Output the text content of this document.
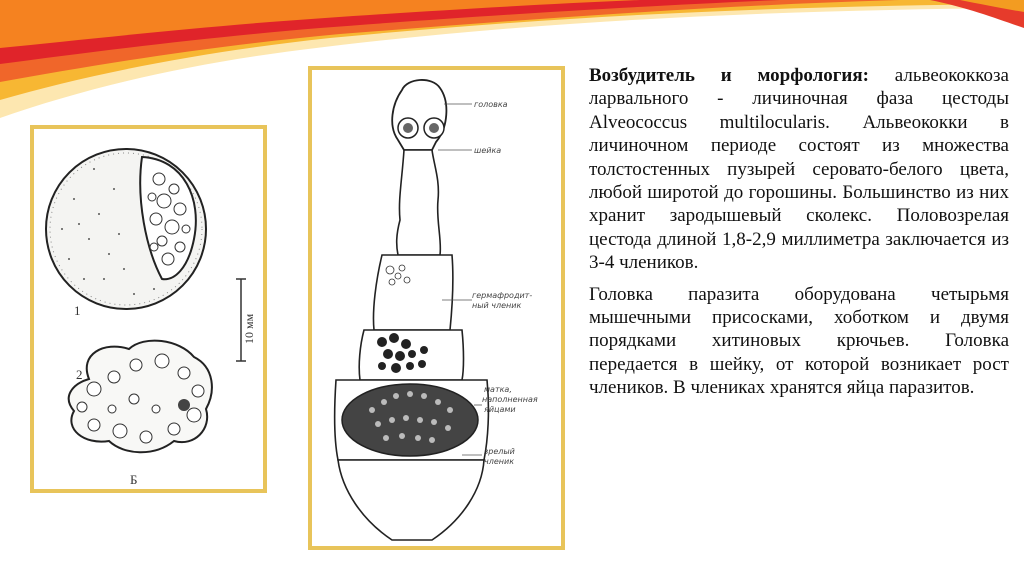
10 мм
1
2
Б
головка
шейка
гермафродит-
ный членик
матка,
наполненная
яйцами
зрелый
членик

Возбудитель и морфология: альвеококкоза ларвального - личиночная фаза цестоды Alveococcus multilocularis. Альвеококки в личиночном периоде состоят из множества толстостенных пузырей серовато-белого цвета, любой широтой до горошины. Большинство из них хранит зародышевый сколекс. Половозрелая цестода длиной 1,8-2,9 миллиметра заключается из 3-4 члеников.

Головка паразита оборудована четырьмя мышечными присосками, хоботком и двумя порядками хитиновых крючьев. Головка передается в шейку, от которой возникает рост члеников. В члениках хранятся яйца паразитов.
